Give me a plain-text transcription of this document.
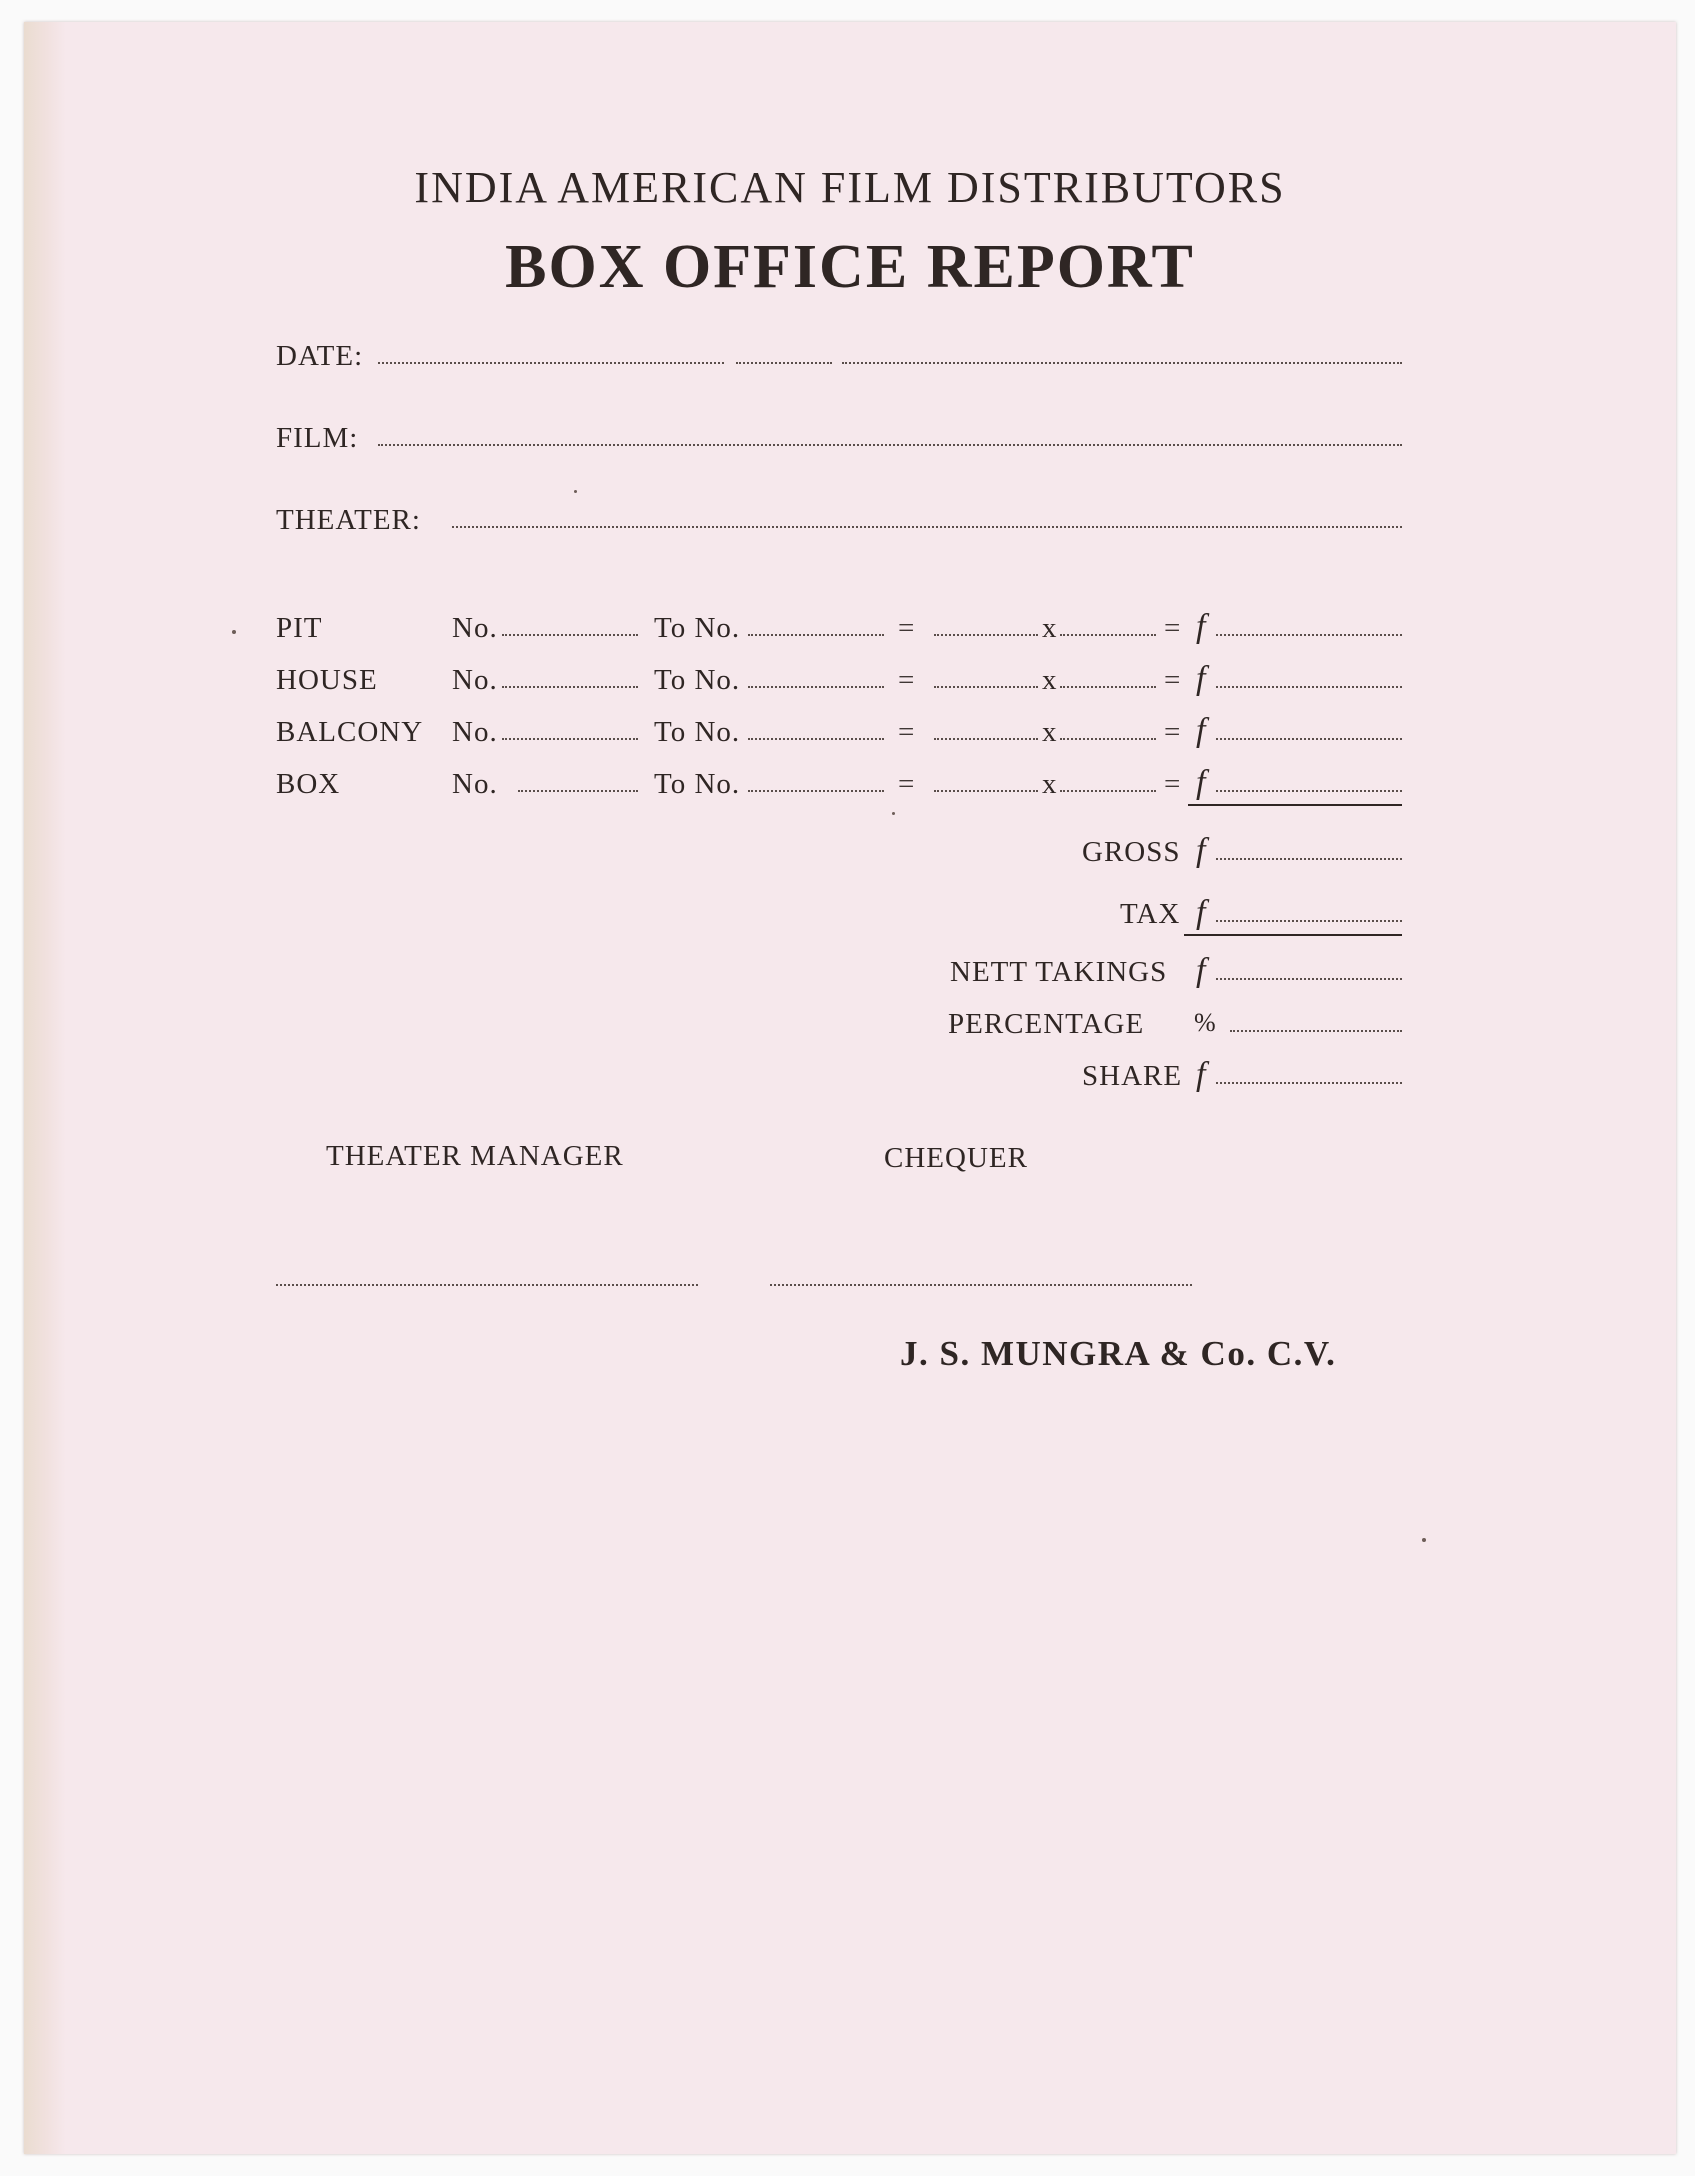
INDIA AMERICAN FILM DISTRIBUTORS
BOX OFFICE REPORT
DATE:
FILM:
THEATER:
PIT	No.	To No.	=	x	= f
HOUSE	No.	To No.	=	x	= f
BALCONY No.	To No.	=	x	= f
BOX	No.	To No.	=	x	= f
GROSS f
TAX f
NETT TAKINGS f
PERCENTAGE %
SHARE f
THEATER MANAGER	CHEQUER
J. S. MUNGRA & Co. C.V.
